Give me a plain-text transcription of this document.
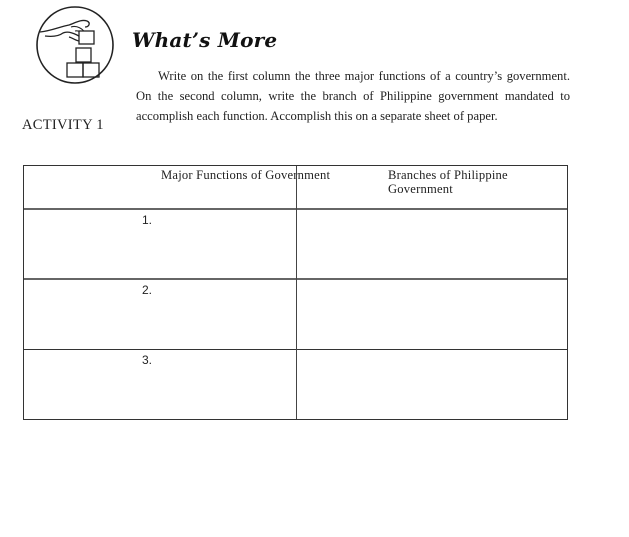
What’s More
Write on the first column the three major functions of a country’s government. On the second column, write the branch of Philippine government mandated to accomplish each function. Accomplish this on a separate sheet of paper.
ACTIVITY 1
Major Functions of Government	Branches of Philippine Government
1.
2.
3.
